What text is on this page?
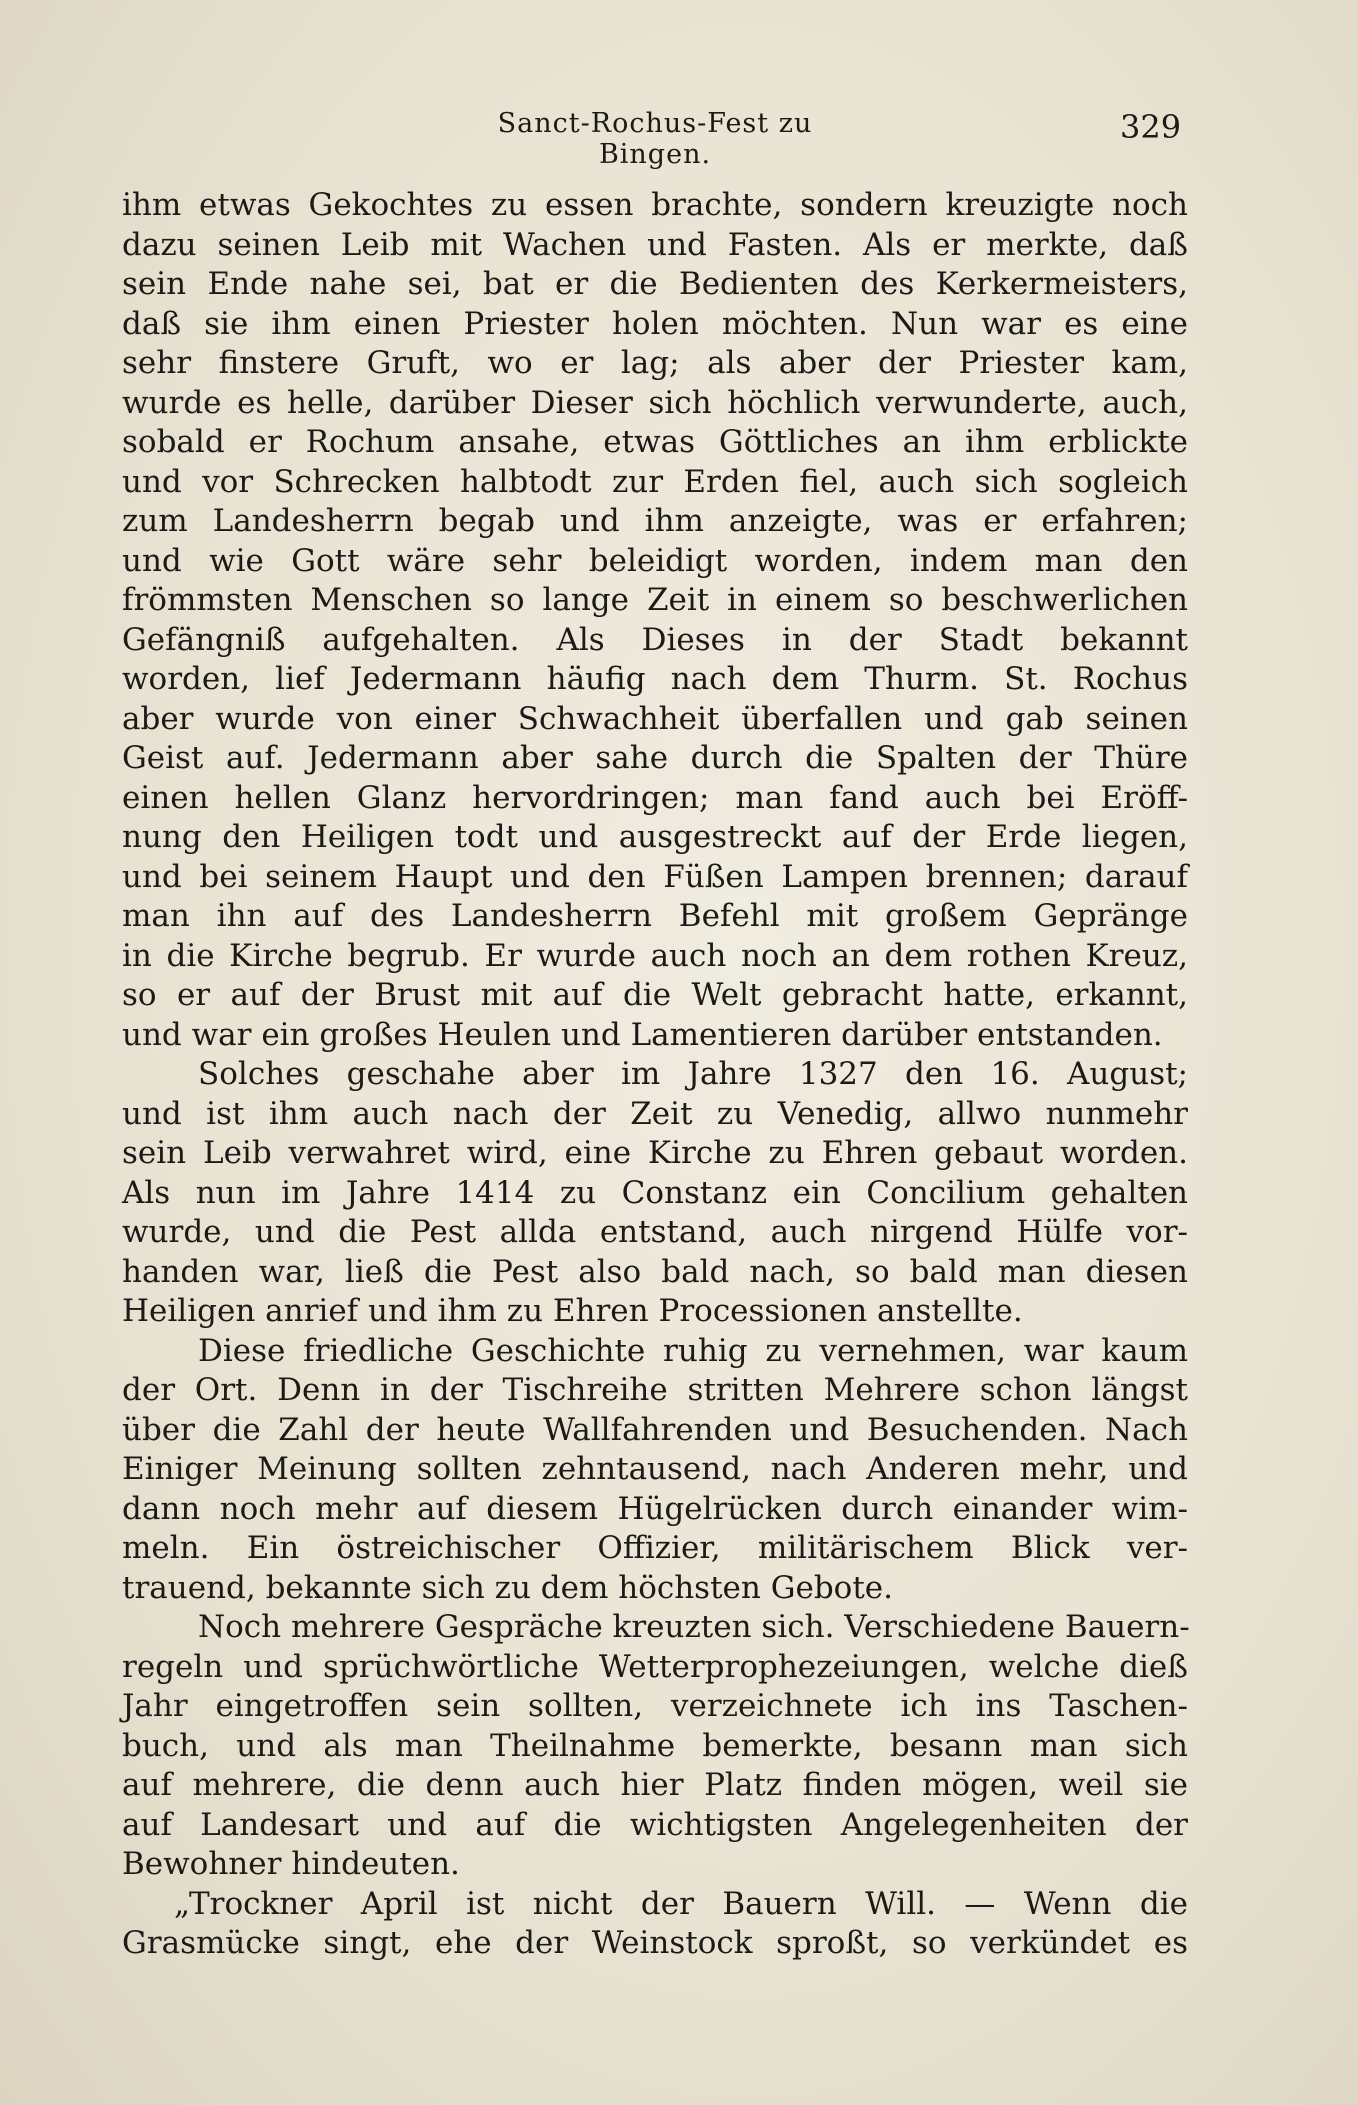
Sanct-Rochus-Fest zu Bingen.
329
ihm etwas Gekochtes zu essen brachte, sondern kreuzigte noch
dazu seinen Leib mit Wachen und Fasten. Als er merkte, daß
sein Ende nahe sei, bat er die Bedienten des Kerkermeisters,
daß sie ihm einen Priester holen möchten. Nun war es eine
sehr finstere Gruft, wo er lag; als aber der Priester kam,
wurde es helle, darüber Dieser sich höchlich verwunderte, auch,
sobald er Rochum ansahe, etwas Göttliches an ihm erblickte
und vor Schrecken halbtodt zur Erden fiel, auch sich sogleich
zum Landesherrn begab und ihm anzeigte, was er erfahren;
und wie Gott wäre sehr beleidigt worden, indem man den
frömmsten Menschen so lange Zeit in einem so beschwerlichen
Gefängniß aufgehalten. Als Dieses in der Stadt bekannt
worden, lief Jedermann häufig nach dem Thurm. St. Rochus
aber wurde von einer Schwachheit überfallen und gab seinen
Geist auf. Jedermann aber sahe durch die Spalten der Thüre
einen hellen Glanz hervordringen; man fand auch bei Eröff-
nung den Heiligen todt und ausgestreckt auf der Erde liegen,
und bei seinem Haupt und den Füßen Lampen brennen; darauf
man ihn auf des Landesherrn Befehl mit großem Gepränge
in die Kirche begrub. Er wurde auch noch an dem rothen Kreuz,
so er auf der Brust mit auf die Welt gebracht hatte, erkannt,
und war ein großes Heulen und Lamentieren darüber entstanden.
Solches geschahe aber im Jahre 1327 den 16. August;
und ist ihm auch nach der Zeit zu Venedig, allwo nunmehr
sein Leib verwahret wird, eine Kirche zu Ehren gebaut worden.
Als nun im Jahre 1414 zu Constanz ein Concilium gehalten
wurde, und die Pest allda entstand, auch nirgend Hülfe vor-
handen war, ließ die Pest also bald nach, so bald man diesen
Heiligen anrief und ihm zu Ehren Processionen anstellte.
Diese friedliche Geschichte ruhig zu vernehmen, war kaum
der Ort. Denn in der Tischreihe stritten Mehrere schon längst
über die Zahl der heute Wallfahrenden und Besuchenden. Nach
Einiger Meinung sollten zehntausend, nach Anderen mehr, und
dann noch mehr auf diesem Hügelrücken durch einander wim-
meln. Ein östreichischer Offizier, militärischem Blick ver-
trauend, bekannte sich zu dem höchsten Gebote.
Noch mehrere Gespräche kreuzten sich. Verschiedene Bauern-
regeln und sprüchwörtliche Wetterprophezeiungen, welche dieß
Jahr eingetroffen sein sollten, verzeichnete ich ins Taschen-
buch, und als man Theilnahme bemerkte, besann man sich
auf mehrere, die denn auch hier Platz finden mögen, weil sie
auf Landesart und auf die wichtigsten Angelegenheiten der
Bewohner hindeuten.
„Trockner April ist nicht der Bauern Will. — Wenn die
Grasmücke singt, ehe der Weinstock sproßt, so verkündet es
